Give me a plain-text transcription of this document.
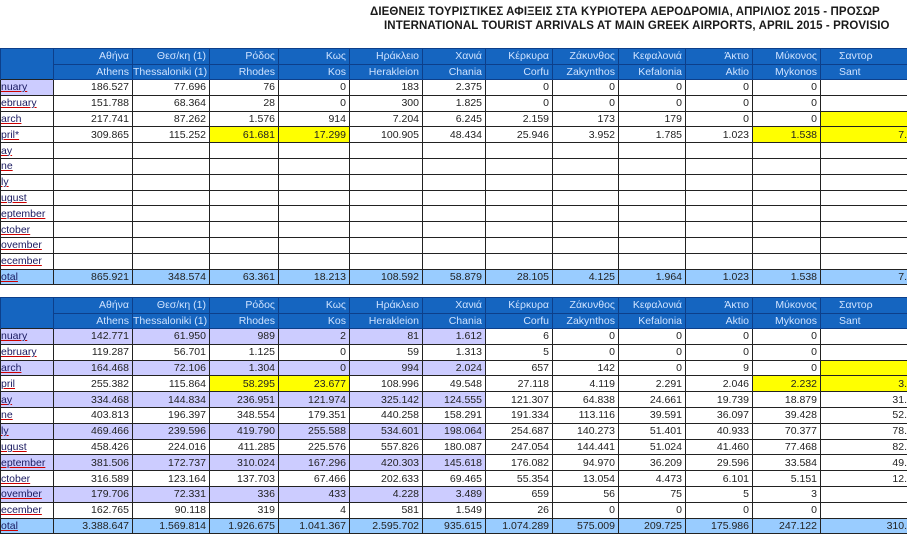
ΔΙΕΘΝΕΙΣ ΤΟΥΡΙΣΤΙΚΕΣ ΑΦΙΞΕΙΣ ΣΤΑ ΚΥΡΙΟΤΕΡΑ ΑΕΡΟΔΡΟΜΙΑ, ΑΠΡΙΛΙΟΣ 2015 - ΠΡΟΣΩΡ
INTERNATIONAL TOURIST ARRIVALS AT MAIN GREEK AIRPORTS, APRIL 2015 - PROVISIO
	Αθήνα	Θεσ/κη (1)	Ρόδος	Κως	Ηράκλειο	Χανιά	Κέρκυρα	Ζάκυνθος	Κεφαλονιά	Άκτιο	Μύκονος	Σαντορ
	Athens	Thessaloniki (1)	Rhodes	Kos	Herakleion	Chania	Corfu	Zakynthos	Kefalonia	Aktio	Mykonos	Sant
nuary	186.527	77.696	76	0	183	2.375	0	0	0	0	0	
ebruary	151.788	68.364	28	0	300	1.825	0	0	0	0	0	
arch	217.741	87.262	1.576	914	7.204	6.245	2.159	173	179	0	0	
pril*	309.865	115.252	61.681	17.299	100.905	48.434	25.946	3.952	1.785	1.023	1.538	7.
ay												
ne												
ly												
ugust												
eptember												
ctober												
ovember												
ecember												
otal	865.921	348.574	63.361	18.213	108.592	58.879	28.105	4.125	1.964	1.023	1.538	7.
	Αθήνα	Θεσ/κη (1)	Ρόδος	Κως	Ηράκλειο	Χανιά	Κέρκυρα	Ζάκυνθος	Κεφαλονιά	Άκτιο	Μύκονος	Σαντορ
	Athens	Thessaloniki (1)	Rhodes	Kos	Herakleion	Chania	Corfu	Zakynthos	Kefalonia	Aktio	Mykonos	Sant
nuary	142.771	61.950	989	2	81	1.612	6	0	0	0	0	
ebruary	119.287	56.701	1.125	0	59	1.313	5	0	0	0	0	
arch	164.468	72.106	1.304	0	994	2.024	657	142	0	9	0	
pril	255.382	115.864	58.295	23.677	108.996	49.548	27.118	4.119	2.291	2.046	2.232	3.
ay	334.468	144.834	236.951	121.974	325.142	124.555	121.307	64.838	24.661	19.739	18.879	31.
ne	403.813	196.397	348.554	179.351	440.258	158.291	191.334	113.116	39.591	36.097	39.428	52.
ly	469.466	239.596	419.790	255.588	534.601	198.064	254.687	140.273	51.401	40.933	70.377	78.
ugust	458.426	224.016	411.285	225.576	557.826	180.087	247.054	144.441	51.024	41.460	77.468	82.
eptember	381.506	172.737	310.024	167.296	420.303	145.618	176.082	94.970	36.209	29.596	33.584	49.
ctober	316.589	123.164	137.703	67.466	202.633	69.465	55.354	13.054	4.473	6.101	5.151	12.
ovember	179.706	72.331	336	433	4.228	3.489	659	56	75	5	3	
ecember	162.765	90.118	319	4	581	1.549	26	0	0	0	0	
otal	3.388.647	1.569.814	1.926.675	1.041.367	2.595.702	935.615	1.074.289	575.009	209.725	175.986	247.122	310.
